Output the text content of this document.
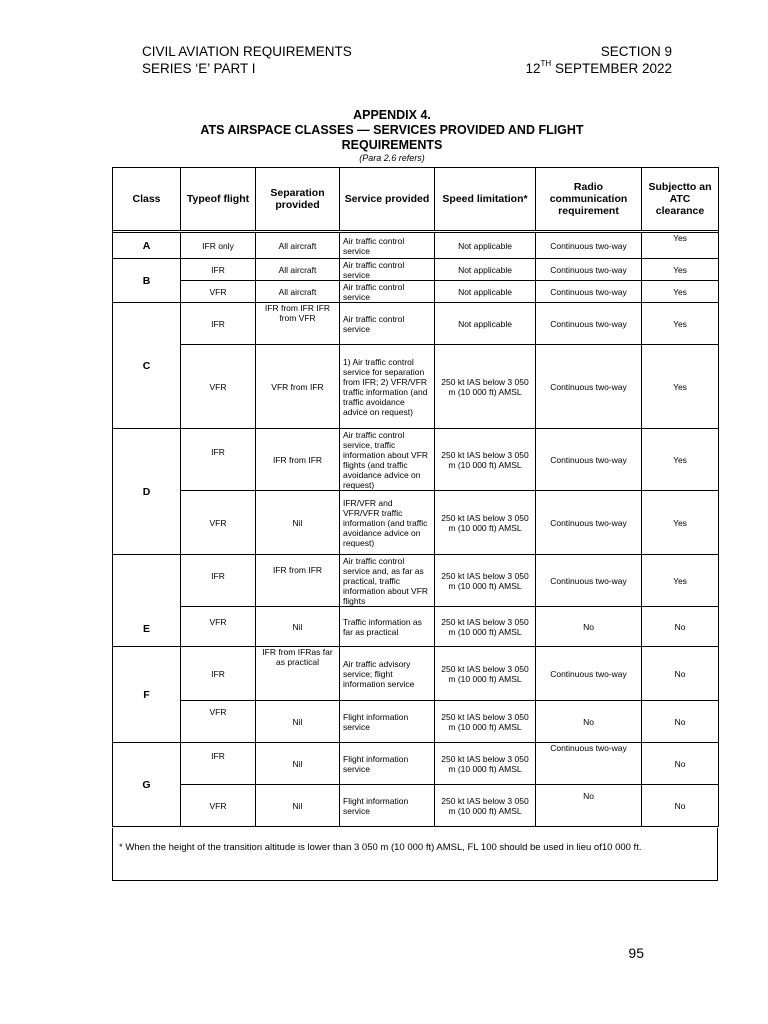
CIVIL AVIATION REQUIREMENTS
SERIES ‘E’ PART I
SECTION 9
12TH SEPTEMBER 2022
APPENDIX 4.
ATS AIRSPACE CLASSES — SERVICES PROVIDED AND FLIGHT REQUIREMENTS
(Para 2.6 refers)
Class	Typeof flight	Separation provided	Service provided	Speed limitation*	Radio communication requirement	Subjectto an ATC clearance

A	IFR only	All aircraft	Air traffic control service	Not applicable	Continuous two-way	Yes
B	IFR	All aircraft	Air traffic control service	Not applicable	Continuous two-way	Yes
	VFR	All aircraft	Air traffic control service	Not applicable	Continuous two-way	Yes
C	IFR	IFR from IFR IFR from VFR	Air traffic control service	Not applicable	Continuous two-way	Yes
	VFR	VFR from IFR	1) Air traffic control service for separation from IFR; 2) VFR/VFR traffic information (and traffic avoidance advice on request)	250 kt IAS below 3 050 m (10 000 ft) AMSL	Continuous two-way	Yes
D	IFR	IFR from IFR	Air traffic control service, traffic information about VFR flights (and traffic avoidance advice on request)	250 kt IAS below 3 050 m (10 000 ft) AMSL	Continuous two-way	Yes
	VFR	Nil	IFR/VFR and VFR/VFR traffic information (and traffic avoidance advice on request)	250 kt IAS below 3 050 m (10 000 ft) AMSL	Continuous two-way	Yes
E	IFR	IFR from IFR	Air traffic control service and, as far as practical, traffic information about VFR flights	250 kt IAS below 3 050 m (10 000 ft) AMSL	Continuous two-way	Yes
	VFR	Nil	Traffic information as far as practical	250 kt IAS below 3 050 m (10 000 ft) AMSL	No	No
F	IFR	IFR from IFRas far as practical	Air traffic advisory service; flight information service	250 kt IAS below 3 050 m (10 000 ft) AMSL	Continuous two-way	No
	VFR	Nil	Flight information service	250 kt IAS below 3 050 m (10 000 ft) AMSL	No	No
G	IFR	Nil	Flight information service	250 kt IAS below 3 050 m (10 000 ft) AMSL	Continuous two-way	No
	VFR	Nil	Flight information service	250 kt IAS below 3 050 m (10 000 ft) AMSL	No	No
* When the height of the transition altitude is lower than 3 050 m (10 000 ft) AMSL, FL 100 should be used in lieu of10 000 ft.
95
